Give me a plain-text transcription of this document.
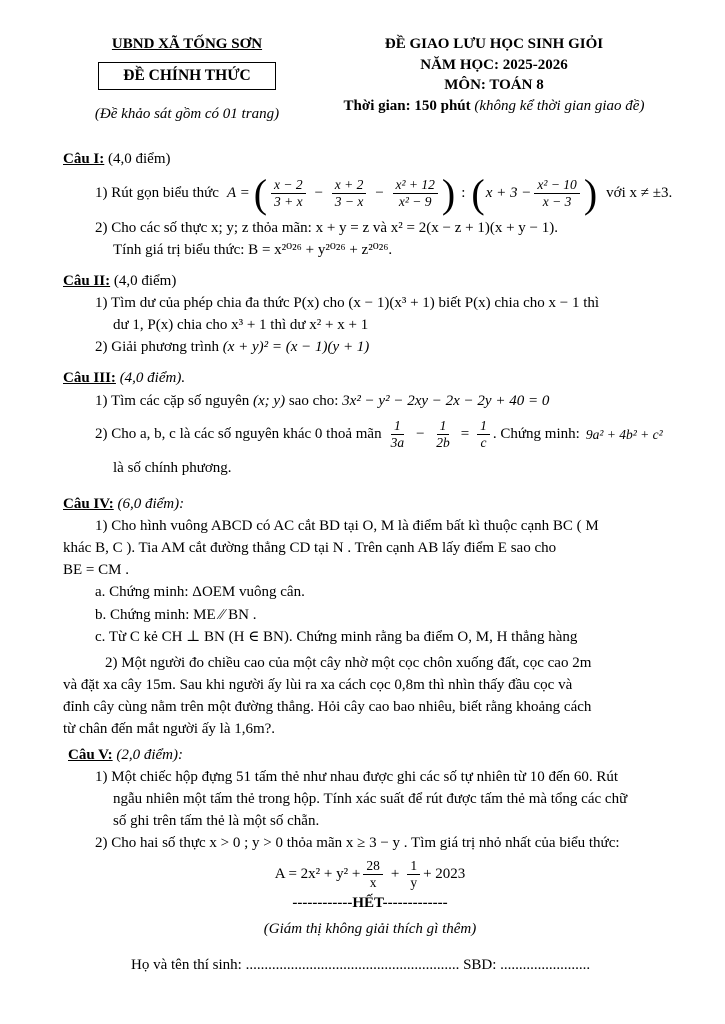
UBND XÃ TỐNG SƠN
ĐỀ CHÍNH THỨC
(Đề khảo sát gồm có 01 trang)
ĐỀ GIAO LƯU HỌC SINH GIỎI
NĂM HỌC: 2025-2026
MÔN: TOÁN 8
Thời gian: 150 phút (không kể thời gian giao đề)
Câu I: (4,0 điểm)
1) Rút gọn biểu thức A = ( $\frac{x - 2}{3 + x} - \frac{x + 2}{3 - x} - \frac{\text{x² + 12}}{\text{x² − 9}}$ ) : ( $x + 3 - \frac{\text{x² − 10}}{x - 3}$ ) với x ≠ ±3.
2) Cho các số thực x; y; z thỏa mãn: x + y = z và x² = 2(x − z + 1)(x + y − 1).
Tính giá trị biểu thức: B = x²⁰²⁶ + y²⁰²⁶ + z²⁰²⁶.
Câu II: (4,0 điểm)
1) Tìm dư của phép chia đa thức P(x) cho (x − 1)(x³ + 1) biết P(x) chia cho x − 1 thì
dư 1, P(x) chia cho x³ + 1 thì dư x² + x + 1
2) Giải phương trình (x + y)² = (x − 1)(y + 1)
Câu III: (4,0 điểm).
1) Tìm các cặp số nguyên (x; y) sao cho: 3x² − y² − 2xy − 2x − 2y + 40 = 0
2) Cho a, b, c là các số nguyên khác 0 thoả mãn $\frac{1}{3a} - \frac{1}{2b} = \frac{1}{c}$ . Chứng minh: 9a² + 4b² + c²
là số chính phương.
Câu IV: (6,0 điểm):
1) Cho hình vuông ABCD có AC cắt BD tại O, M là điểm bất kì thuộc cạnh BC ( M
khác B, C ). Tia AM cắt đường thẳng CD tại N . Trên cạnh AB lấy điểm E sao cho
BE = CM .
a. Chứng minh: ΔOEM vuông cân.
b. Chứng minh: ME ∕∕ BN .
c. Từ C kẻ CH ⊥ BN (H ∈ BN). Chứng minh rằng ba điểm O, M, H thẳng hàng
2) Một người đo chiều cao của một cây nhờ một cọc chôn xuống đất, cọc cao 2m
và đặt xa cây 15m. Sau khi người ấy lùi ra xa cách cọc 0,8m thì nhìn thấy đầu cọc và
đỉnh cây cùng nằm trên một đường thẳng. Hỏi cây cao bao nhiêu, biết rằng khoảng cách
từ chân đến mắt người ấy là 1,6m?.
Câu V: (2,0 điểm):
1) Một chiếc hộp đựng 51 tấm thẻ như nhau được ghi các số tự nhiên từ 10 đến 60. Rút
ngẫu nhiên một tấm thẻ trong hộp. Tính xác suất để rút được tấm thẻ mà tổng các chữ
số ghi trên tấm thẻ là một số chẵn.
2) Cho hai số thực x > 0 ; y > 0 thỏa mãn x ≥ 3 − y . Tìm giá trị nhỏ nhất của biểu thức:
$A = 2x^2 + y^2 + \frac{28}{x} + \frac{1}{y} + 2023$
------------HẾT-------------
(Giám thị không giải thích gì thêm)
Họ và tên thí sinh: ......................................................... SBD: ........................
